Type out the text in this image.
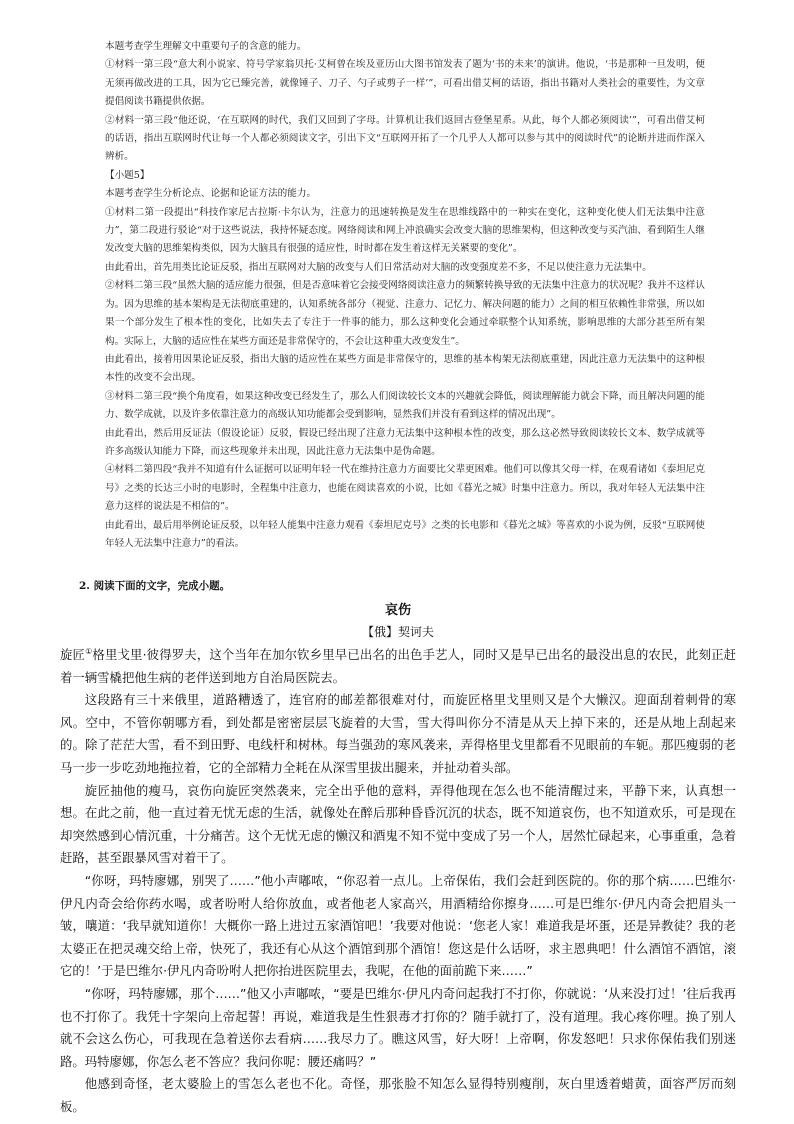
本题考查学生理解文中重要句子的含意的能力。

①材料一第三段“意大利小说家、符号学家翁贝托·艾柯曾在埃及亚历山大图书馆发表了题为‘书的未来’的演讲。他说，‘书是那种一旦发明，便无须再做改进的工具，因为它已臻完善，就像锤子、刀子、勺子或剪子一样’”，可看出借艾柯的话语，指出书籍对人类社会的重要性，为文章提倡阅读书籍提供依据。

②材料一第三段“他还说，‘在互联网的时代，我们又回到了字母。计算机让我们返回古登堡星系。从此，每个人都必须阅读’”，可看出借艾柯的话语，指出互联网时代让每一个人都必须阅读文字，引出下文“互联网开拓了一个几乎人人都可以参与其中的阅读时代”的论断并进而作深入辨析。

【小题5】

本题考查学生分析论点、论据和论证方法的能力。

①材料二第一段提出“科技作家尼古拉斯·卡尔认为，注意力的迅速转换是发生在思维线路中的一种实在变化，这种变化使人们无法集中注意力”，第二段进行驳论“对于这些说法，我持怀疑态度。网络阅读和网上冲浪确实会改变大脑的思维架构，但这种改变与买汽油、看到陌生人继发改变大脑的思维架构类似，因为大脑具有很强的适应性，时时都在发生着这样无关紧要的变化”。

由此看出，首先用类比论证反驳，指出互联网对大脑的改变与人们日常活动对大脑的改变强度差不多，不足以使注意力无法集中。

②材料二第三段“虽然大脑的适应能力很强，但是否意味着它会接受网络阅读注意力的频繁转换导致的无法集中注意力的状况呢？我并不这样认为。因为思维的基本架构是无法彻底重建的，认知系统各部分（视觉、注意力、记忆力、解决问题的能力）之间的相互依赖性非常强，所以如果一个部分发生了根本性的变化，比如失去了专注于一件事的能力，那么这种变化会通过牵联整个认知系统，影响思维的大部分甚至所有架构。实际上，大脑的适应性在某些方面还是非常保守的，不会让这种重大改变发生”。

由此看出，接着用因果论证反驳，指出大脑的适应性在某些方面是非常保守的，思维的基本构架无法彻底重建，因此注意力无法集中的这种根本性的改变不会出现。

③材料二第三段“换个角度看，如果这种改变已经发生了，那么人们阅读较长文本的兴趣就会降低，阅读理解能力就会下降，而且解决问题的能力、数学成就，以及许多依靠注意力的高级认知功能都会受到影响，显然我们并没有看到这样的情况出现”。

由此看出，然后用反证法（假设论证）反驳，假设已经出现了注意力无法集中这种根本性的改变，那么这必然导致阅读较长文本、数学成就等许多高级认知能力下降，而这些现象并未出现，因此注意力无法集中是伪命题。

④材料二第四段“我并不知道有什么证据可以证明年轻一代在维持注意力方面要比父辈更困难。他们可以像其父母一样，在观看诸如《泰坦尼克号》之类的长达三小时的电影时，全程集中注意力，也能在阅读喜欢的小说，比如《暮光之城》时集中注意力。所以，我对年轻人无法集中注意力这样的说法是不相信的”。

由此看出，最后用举例论证反驳，以年轻人能集中注意力观看《泰坦尼克号》之类的长电影和《暮光之城》等喜欢的小说为例，反驳“互联网使年轻人无法集中注意力”的看法。

2. 阅读下面的文字，完成小题。

哀伤

【俄】契诃夫

旋匠①格里戈里·彼得罗夫，这个当年在加尔钦乡里早已出名的出色手艺人，同时又是早已出名的最没出息的农民，此刻正赶着一辆雪橇把他生病的老伴送到地方自治局医院去。

这段路有三十来俄里，道路糟透了，连官府的邮差都很难对付，而旋匠格里戈里则又是个大懒汉。迎面刮着刺骨的寒风。空中，不管你朝哪方看，到处都是密密层层飞旋着的大雪，雪大得叫你分不清是从天上掉下来的，还是从地上刮起来的。除了茫茫大雪，看不到田野、电线杆和树林。每当强劲的寒风袭来，弄得格里戈里都看不见眼前的车轭。那匹瘦弱的老马一步一步吃劲地拖拉着，它的全部精力全耗在从深雪里拔出腿来，并扯动着头部。

旋匠抽他的瘦马，哀伤向旋匠突然袭来，完全出乎他的意料，弄得他现在怎么也不能清醒过来，平静下来，认真想一想。在此之前，他一直过着无忧无虑的生活，就像处在醉后那种昏昏沉沉的状态，既不知道哀伤，也不知道欢乐，可是现在却突然感到心情沉重，十分痛苦。这个无忧无虑的懒汉和酒鬼不知不觉中变成了另一个人，居然忙碌起来，心事重重，急着赶路，甚至跟暴风雪对着干了。

“你呀，玛特廖娜，别哭了……”他小声嘟哝，“你忍着一点儿。上帝保佑，我们会赶到医院的。你的那个病……巴维尔·伊凡内奇会给你药水喝，或者吩咐人给你放血，或者他老人家高兴，用酒精给你擦身……可是巴维尔·伊凡内奇会把眉头一皱，嚷道：‘我早就知道你！大概你一路上进过五家酒馆吧！’我要对他说：‘您老人家！难道我是坏蛋，还是异教徒？我的老太婆正在把灵魂交给上帝，快死了，我还有心从这个酒馆到那个酒馆！您这是什么话呀，求主恩典吧！什么酒馆不酒馆，滚它的！’于是巴维尔·伊凡内奇吩咐人把你抬进医院里去，我呢，在他的面前跪下来……”

“你呀，玛特廖娜，那个……”他又小声嘟哝，“要是巴维尔·伊凡内奇问起我打不打你，你就说：‘从来没打过！’往后我再也不打你了。我凭十字架向上帝起誓！再说，难道我是生性狠毒才打你的？随手就打了，没有道理。我心疼你哩。换了别人就不会这么伤心，可我现在急着送你去看病……我尽力了。瞧这风雪，好大呀！上帝啊，你发怒吧！只求你保佑我们别迷路。玛特廖娜，你怎么老不答应？我问你呢：腰还痛吗？”

他感到奇怪，老太婆脸上的雪怎么老也不化。奇怪，那张脸不知怎么显得特别瘦削，灰白里透着蜡黄，面容严厉而刻板。
